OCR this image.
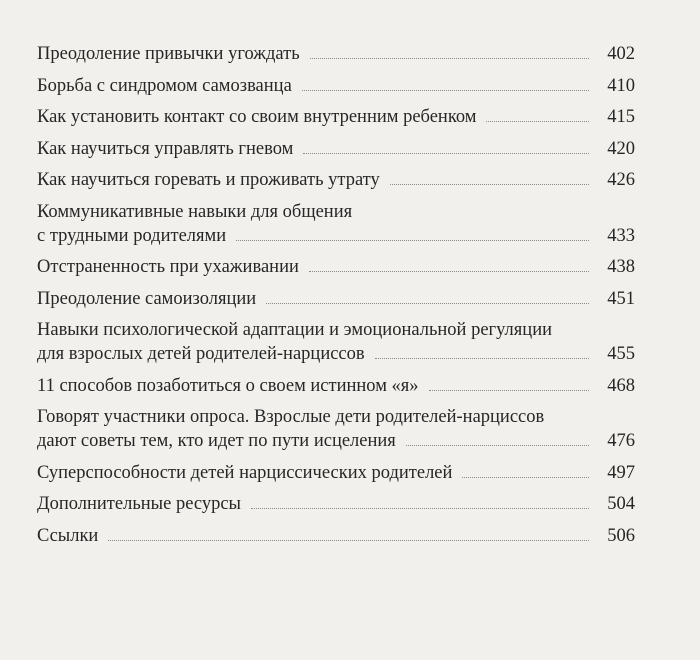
Преодоление привычки угождать	402
Борьба с синдромом самозванца	410
Как установить контакт со своим внутренним ребенком	415
Как научиться управлять гневом	420
Как научиться горевать и проживать утрату	426
Коммуникативные навыки для общения
с трудными родителями	433
Отстраненность при ухаживании	438
Преодоление самоизоляции	451
Навыки психологической адаптации и эмоциональной регуляции
для взрослых детей родителей-нарциссов	455
11 способов позаботиться о своем истинном «я»	468
Говорят участники опроса. Взрослые дети родителей-нарциссов
дают советы тем, кто идет по пути исцеления	476
Суперспособности детей нарциссических родителей	497
Дополнительные ресурсы	504
Ссылки	506
